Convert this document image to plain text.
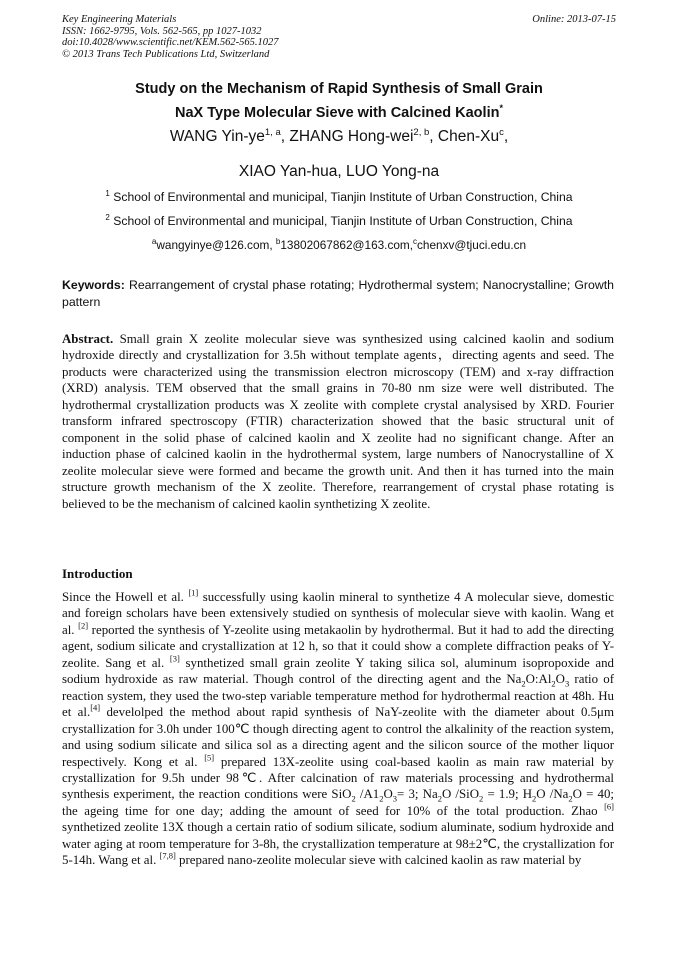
Key Engineering Materials
ISSN: 1662-9795, Vols. 562-565, pp 1027-1032
doi:10.4028/www.scientific.net/KEM.562-565.1027
© 2013 Trans Tech Publications Ltd, Switzerland
Online: 2013-07-15
Study on the Mechanism of Rapid Synthesis of Small Grain
NaX Type Molecular Sieve with Calcined Kaolin*
WANG Yin-ye$^{1, a}$, ZHANG Hong-wei$^{2, b}$, Chen-Xu$^c$,
XIAO Yan-hua, LUO Yong-na
$^1$ School of Environmental and municipal, Tianjin Institute of Urban Construction, China
$^2$ School of Environmental and municipal, Tianjin Institute of Urban Construction, China
$^a$wangyinye@126.com, $^b$13802067862@163.com,$^c$chenxv@tjuci.edu.cn
Keywords: Rearrangement of crystal phase rotating; Hydrothermal system; Nanocrystalline; Growth pattern
Abstract. Small grain X zeolite molecular sieve was synthesized using calcined kaolin and sodium hydroxide directly and crystallization for 3.5h without template agents，directing agents and seed. The products were characterized using the transmission electron microscopy (TEM) and x-ray diffraction (XRD) analysis. TEM observed that the small grains in 70-80 nm size were well distributed. The hydrothermal crystallization products was X zeolite with complete crystal analysised by XRD. Fourier transform infrared spectroscopy (FTIR) characterization showed that the basic structural unit of component in the solid phase of calcined kaolin and X zeolite had no significant change. After an induction phase of calcined kaolin in the hydrothermal system, large numbers of Nanocrystalline of X zeolite molecular sieve were formed and became the growth unit. And then it has turned into the main structure growth mechanism of the X zeolite. Therefore, rearrangement of crystal phase rotating is believed to be the mechanism of calcined kaolin synthetizing X zeolite.
Introduction
Since the Howell et al. [1] successfully using kaolin mineral to synthetize 4 A molecular sieve, domestic and foreign scholars have been extensively studied on synthesis of molecular sieve with kaolin. Wang et al. [2] reported the synthesis of Y-zeolite using metakaolin by hydrothermal. But it had to add the directing agent, sodium silicate and crystallization at 12 h, so that it could show a complete diffraction peaks of Y-zeolite. Sang et al. [3] synthetized small grain zeolite Y taking silica sol, aluminum isopropoxide and sodium hydroxide as raw material. Though control of the directing agent and the $Na_2O:Al_2O_3$ ratio of reaction system, they used the two-step variable temperature method for hydrothermal reaction at 48h. Hu et al.[4] develolped the method about rapid synthesis of NaY-zeolite with the diameter about 0.5μm crystallization for 3.0h under 100℃ though directing agent to control the alkalinity of the reaction system, and using sodium silicate and silica sol as a directing agent and the silicon source of the mother liquor respectively. Kong et al. [5] prepared 13X-zeolite using coal-based kaolin as main raw material by crystallization for 9.5h under 98℃. After calcination of raw materials processing and hydrothermal synthesis experiment, the reaction conditions were SiO$_2$ $/A1_2O_3= 3$; $Na_2O$ /SiO$_2$ = 1.9; $H_2O$ $/Na_2O = 40$; the ageing time for one day; adding the amount of seed for 10% of the total production. Zhao [6] synthetized zeolite 13X though a certain ratio of sodium silicate, sodium aluminate, sodium hydroxide and water aging at room temperature for 3-8h, the crystallization temperature at 98±2℃, the crystallization for 5-14h. Wang et al. [7,8] prepared nano-zeolite molecular sieve with calcined kaolin as raw material by
